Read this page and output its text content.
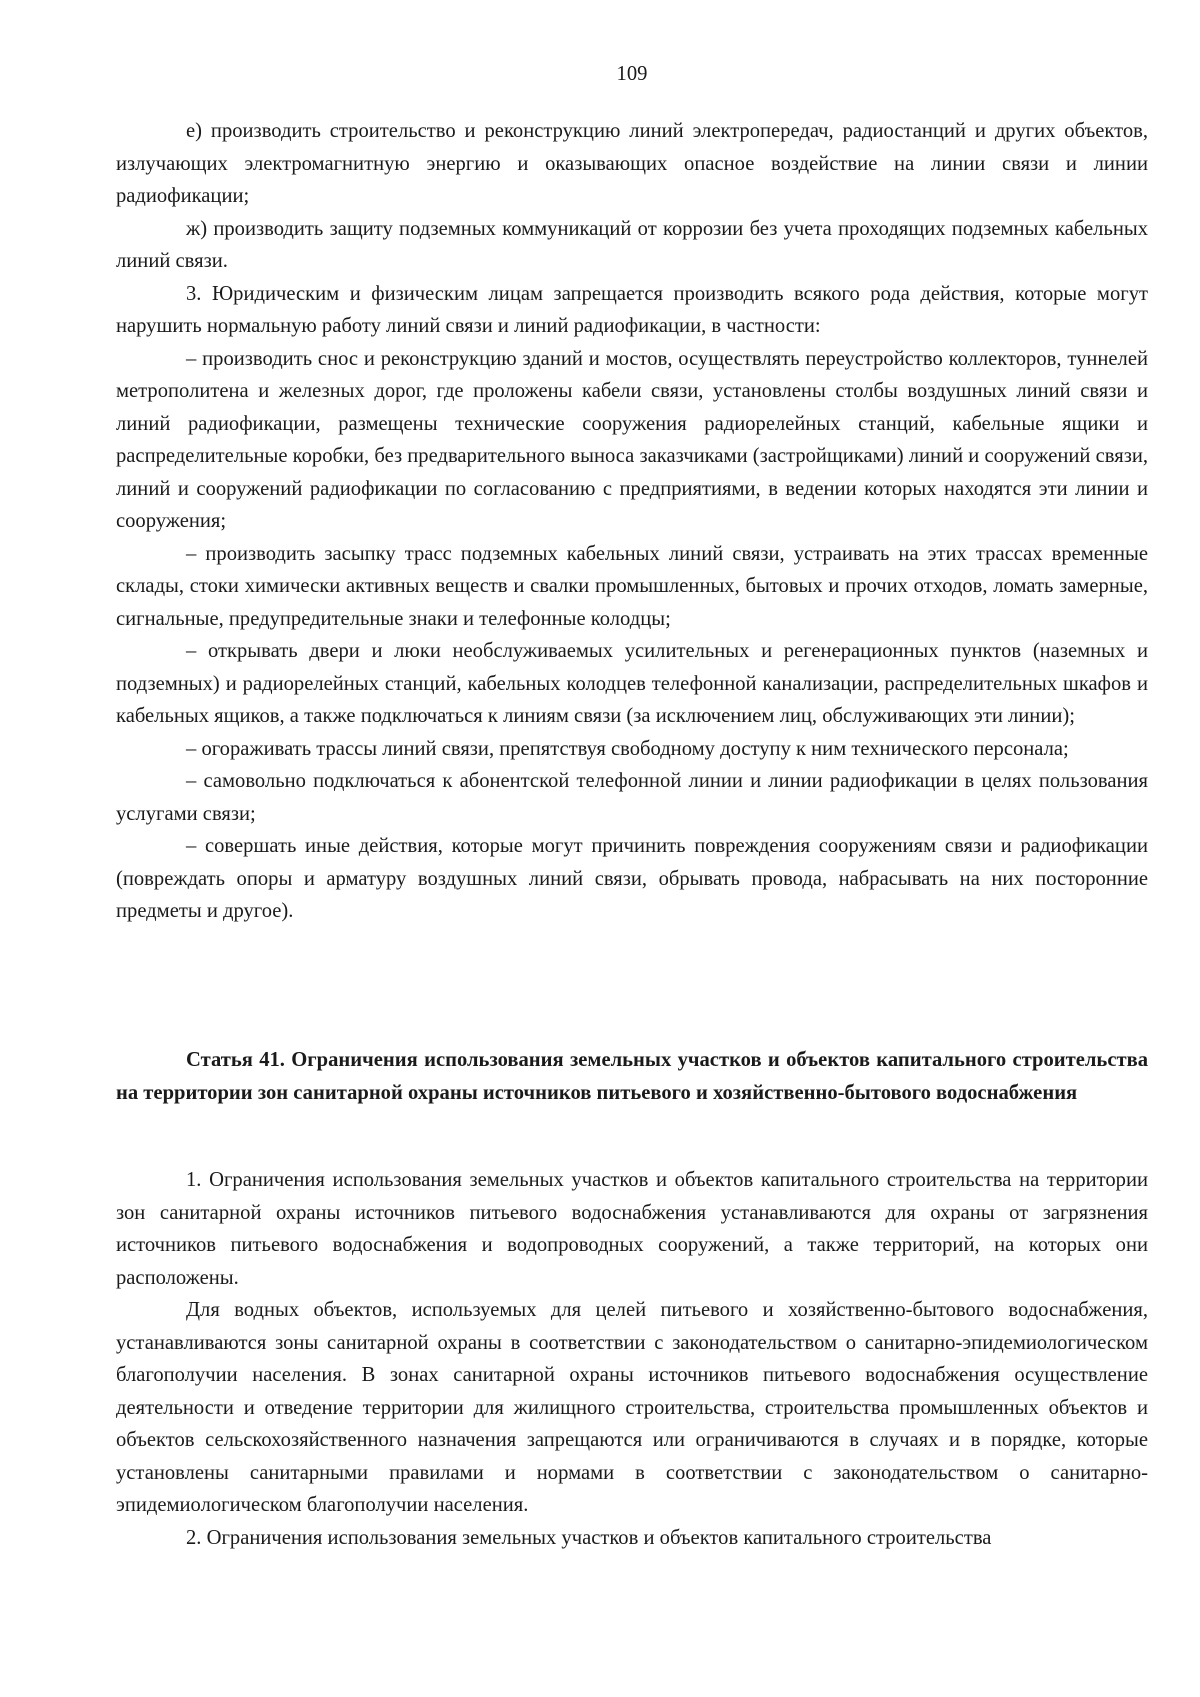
109

е) производить строительство и реконструкцию линий электропередач, радиостанций и других объектов, излучающих электромагнитную энергию и оказывающих опасное воздействие на линии связи и линии радиофикации;

ж) производить защиту подземных коммуникаций от коррозии без учета проходящих подземных кабельных линий связи.

3. Юридическим и физическим лицам запрещается производить всякого рода действия, которые могут нарушить нормальную работу линий связи и линий радиофикации, в частности:

– производить снос и реконструкцию зданий и мостов, осуществлять переустройство коллекторов, туннелей метрополитена и железных дорог, где проложены кабели связи, установлены столбы воздушных линий связи и линий радиофикации, размещены технические сооружения радиорелейных станций, кабельные ящики и распределительные коробки, без предварительного выноса заказчиками (застройщиками) линий и сооружений связи, линий и сооружений радиофикации по согласованию с предприятиями, в ведении которых находятся эти линии и сооружения;

– производить засыпку трасс подземных кабельных линий связи, устраивать на этих трассах временные склады, стоки химически активных веществ и свалки промышленных, бытовых и прочих отходов, ломать замерные, сигнальные, предупредительные знаки и телефонные колодцы;

– открывать двери и люки необслуживаемых усилительных и регенерационных пунктов (наземных и подземных) и радиорелейных станций, кабельных колодцев телефонной канализации, распределительных шкафов и кабельных ящиков, а также подключаться к линиям связи (за исключением лиц, обслуживающих эти линии);

– огораживать трассы линий связи, препятствуя свободному доступу к ним технического персонала;

– самовольно подключаться к абонентской телефонной линии и линии радиофикации в целях пользования услугами связи;

– совершать иные действия, которые могут причинить повреждения сооружениям связи и радиофикации (повреждать опоры и арматуру воздушных линий связи, обрывать провода, набрасывать на них посторонние предметы и другое).

Статья 41. Ограничения использования земельных участков и объектов капитального строительства на территории зон санитарной охраны источников питьевого и хозяйственно-бытового водоснабжения

1. Ограничения использования земельных участков и объектов капитального строительства на территории зон санитарной охраны источников питьевого водоснабжения устанавливаются для охраны от загрязнения источников питьевого водоснабжения и водопроводных сооружений, а также территорий, на которых они расположены.

Для водных объектов, используемых для целей питьевого и хозяйственно-бытового водоснабжения, устанавливаются зоны санитарной охраны в соответствии с законодательством о санитарно-эпидемиологическом благополучии населения. В зонах санитарной охраны источников питьевого водоснабжения осуществление деятельности и отведение территории для жилищного строительства, строительства промышленных объектов и объектов сельскохозяйственного назначения запрещаются или ограничиваются в случаях и в порядке, которые установлены санитарными правилами и нормами в соответствии с законодательством о санитарно-эпидемиологическом благополучии населения.

2. Ограничения использования земельных участков и объектов капитального строительства
